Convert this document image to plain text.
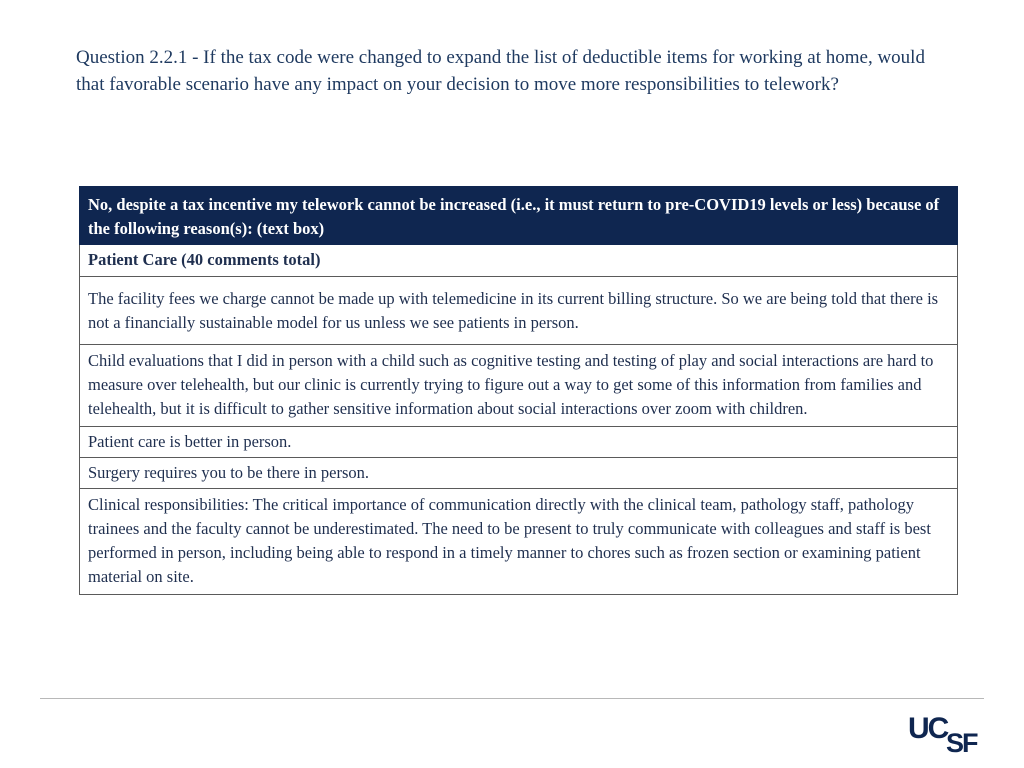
Question 2.2.1 - If the tax code were changed to expand the list of deductible items for working at home, would that favorable scenario have any impact on your decision to move more responsibilities to telework?
No, despite a tax incentive my telework cannot be increased (i.e., it must return to pre-COVID19 levels or less) because of the following reason(s): (text box)
Patient Care (40 comments total)
The facility fees we charge cannot be made up with telemedicine in its current billing structure. So we are being told that there is not a financially sustainable model for us unless we see patients in person.
Child evaluations that I did in person with a child such as cognitive testing and testing of play and social interactions are hard to measure over telehealth, but our clinic is currently trying to figure out a way to get some of this information from families and telehealth, but it is difficult to gather sensitive information about social interactions over zoom with children.
Patient care is better in person.
Surgery requires you to be there in person.
Clinical responsibilities: The critical importance of communication directly with the clinical team, pathology staff, pathology trainees and the faculty cannot be underestimated. The need to be present to truly communicate with colleagues and staff is best performed in person, including being able to respond in a timely manner to chores such as frozen section or examining patient material on site.
UC
SF
